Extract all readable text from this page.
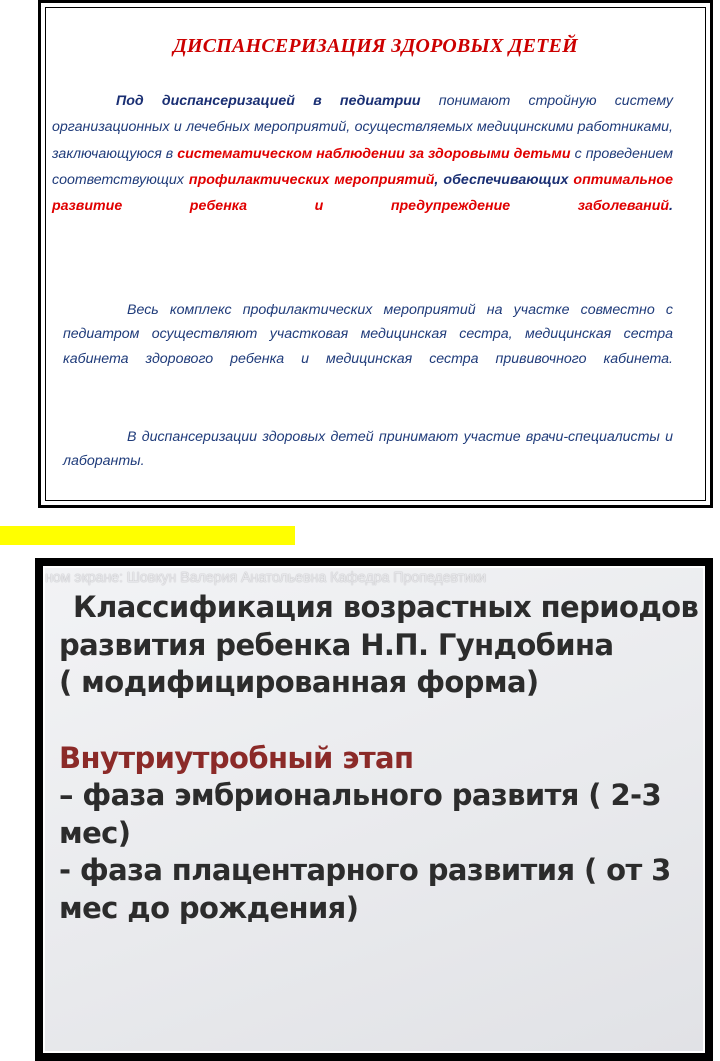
ДИСПАНСЕРИЗАЦИЯ ЗДОРОВЫХ ДЕТЕЙ

Под диспансеризацией в педиатрии понимают стройную систему организационных и лечебных мероприятий, осуществляемых медицинскими работниками, заключающуюся в систематическом наблюдении за здоровыми детьми с проведением соответствующих профилактических мероприятий, обеспечивающих оптимальное развитие ребенка и предупреждение заболеваний.

Весь комплекс профилактических мероприятий на участке совместно с педиатром осуществляют участковая медицинская сестра, медицинская сестра кабинета здорового ребенка и медицинская сестра прививочного кабинета.

В диспансеризации здоровых детей принимают участие врачи-специалисты и лаборанты.

ном экране: Шовкун Валерия Анатольевна Кафедра Пропедевтики
Классификация возрастных периодов
развития ребенка Н.П. Гундобина
( модифицированная форма)
Внутриутробный этап
– фаза эмбрионального развитя ( 2-3
мес)
- фаза плацентарного развития ( от 3
мес до рождения)
